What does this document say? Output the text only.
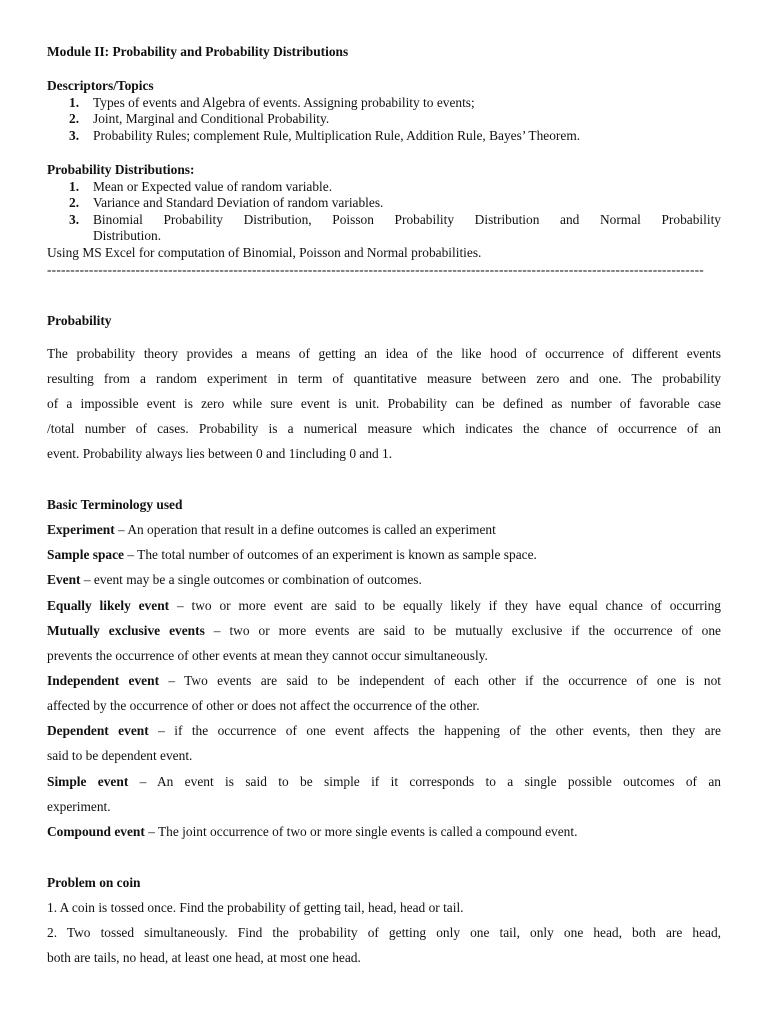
Module II: Probability and Probability Distributions
Descriptors/Topics
1. Types of events and Algebra of events. Assigning probability to events;
2. Joint, Marginal and Conditional Probability.
3. Probability Rules; complement Rule, Multiplication Rule, Addition Rule, Bayes’ Theorem.
Probability Distributions:
1. Mean or Expected value of random variable.
2. Variance and Standard Deviation of random variables.
3. Binomial Probability Distribution, Poisson Probability Distribution and Normal Probability
Distribution.
Using MS Excel for computation of Binomial, Poisson and Normal probabilities.
---------------------------------------------------------------------------------------------------------------------------------------------
Probability
The probability theory provides a means of getting an idea of the like hood of occurrence of different events
resulting from a random experiment in term of quantitative measure between zero and one. The probability
of a impossible event is zero while sure event is unit. Probability can be defined as number of favorable case
/total number of cases. Probability is a numerical measure which indicates the chance of occurrence of an
event. Probability always lies between 0 and 1including 0 and 1.
Basic Terminology used
Experiment – An operation that result in a define outcomes is called an experiment
Sample space – The total number of outcomes of an experiment is known as sample space.
Event – event may be a single outcomes or combination of outcomes.
Equally likely event – two or more event are said to be equally likely if they have equal chance of occurring
Mutually exclusive events – two or more events are said to be mutually exclusive if the occurrence of one
prevents the occurrence of other events at mean they cannot occur simultaneously.
Independent event – Two events are said to be independent of each other if the occurrence of one is not
affected by the occurrence of other or does not affect the occurrence of the other.
Dependent event – if the occurrence of one event affects the happening of the other events, then they are
said to be dependent event.
Simple event – An event is said to be simple if it corresponds to a single possible outcomes of an
experiment.
Compound event – The joint occurrence of two or more single events is called a compound event.
Problem on coin
1. A coin is tossed once. Find the probability of getting tail, head, head or tail.
2. Two tossed simultaneously. Find the probability of getting only one tail, only one head, both are head,
both are tails, no head, at least one head, at most one head.
